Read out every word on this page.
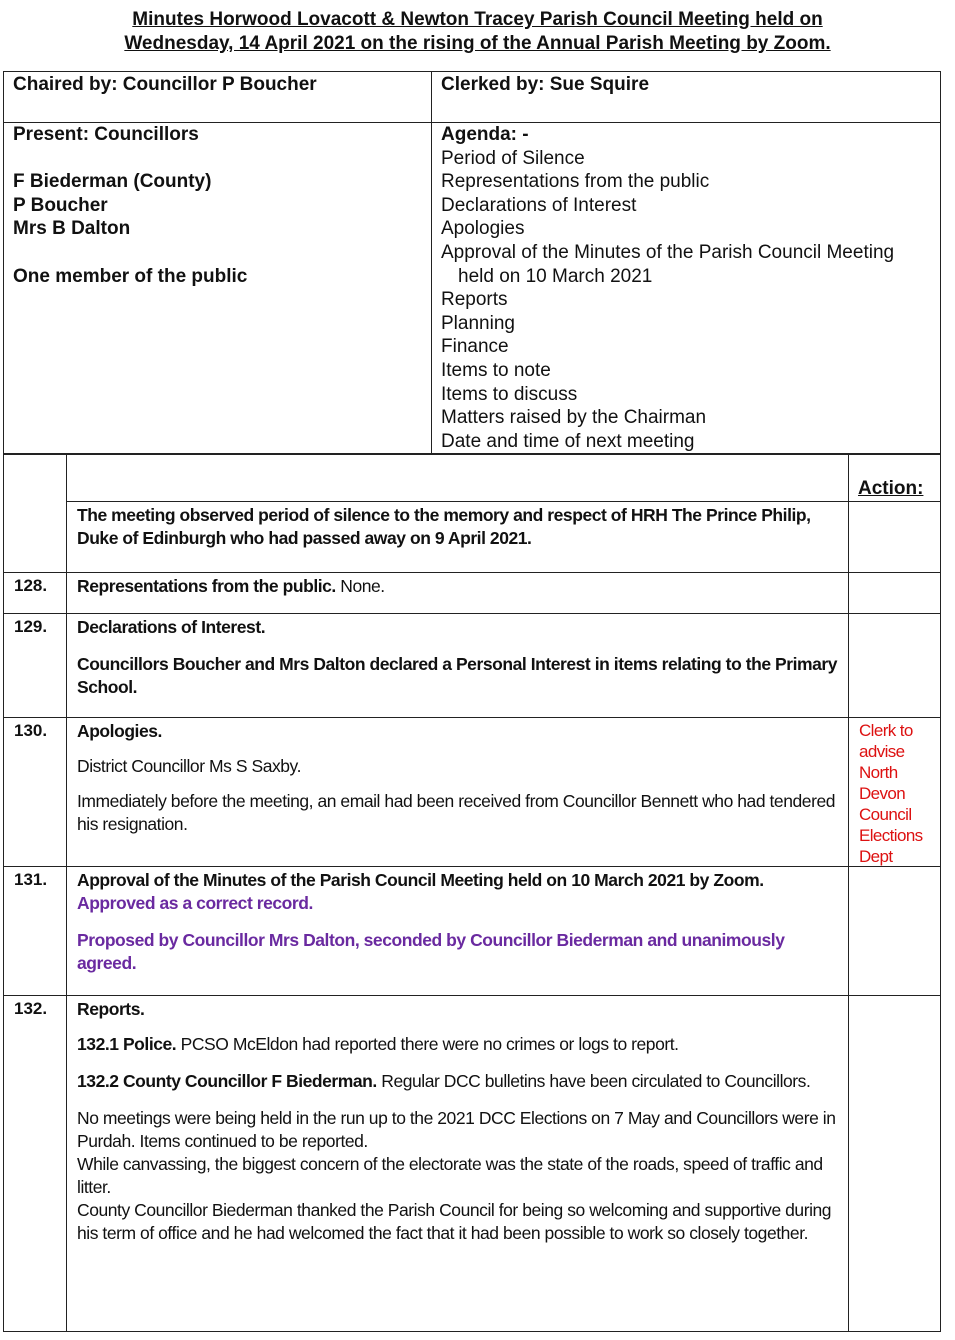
Minutes Horwood Lovacott & Newton Tracey Parish Council Meeting held on
Wednesday, 14 April 2021 on the rising of the Annual Parish Meeting by Zoom.
Chaired by: Councillor P Boucher	Clerked by: Sue Squire
Present: Councillors

F Biederman (County)
P Boucher
Mrs B Dalton

One member of the public
Agenda: -
Period of Silence
Representations from the public
Declarations of Interest
Apologies
Approval of the Minutes of the Parish Council Meeting
held on 10 March 2021
Reports
Planning
Finance
Items to note
Items to discuss
Matters raised by the Chairman
Date and time of next meeting
Action:
The meeting observed period of silence to the memory and respect of HRH The Prince Philip, Duke of Edinburgh who had passed away on 9 April 2021.
128. Representations from the public. None.
129. Declarations of Interest.

Councillors Boucher and Mrs Dalton declared a Personal Interest in items relating to the Primary School.

130. Apologies.

District Councillor Ms S Saxby.

Immediately before the meeting, an email had been received from Councillor Bennett who had tendered his resignation.

Clerk to advise North Devon Council Elections Dept
131. Approval of the Minutes of the Parish Council Meeting held on 10 March 2021 by Zoom.

Approved as a correct record.

Proposed by Councillor Mrs Dalton, seconded by Councillor Biederman and unanimously agreed.

132. Reports.

132.1 Police. PCSO McEldon had reported there were no crimes or logs to report.

132.2 County Councillor F Biederman. Regular DCC bulletins have been circulated to Councillors.

No meetings were being held in the run up to the 2021 DCC Elections on 7 May and Councillors were in Purdah. Items continued to be reported.

While canvassing, the biggest concern of the electorate was the state of the roads, speed of traffic and litter.

County Councillor Biederman thanked the Parish Council for being so welcoming and supportive during his term of office and he had welcomed the fact that it had been possible to work so closely together.
